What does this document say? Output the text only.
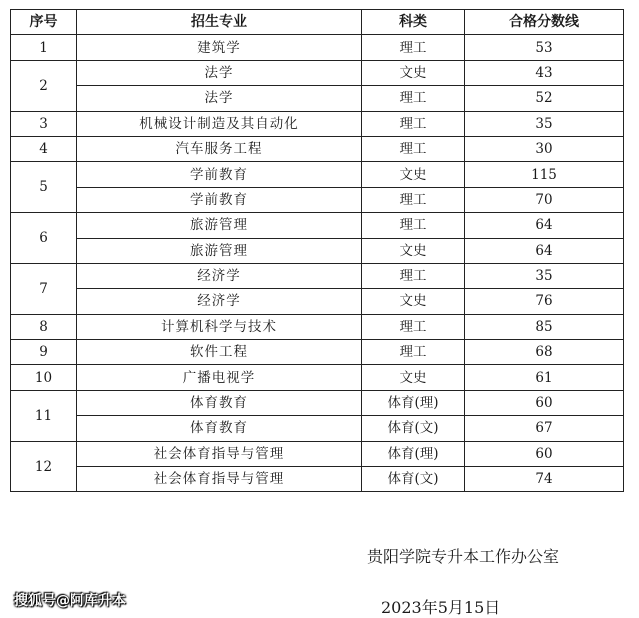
序号	招生专业	科类	合格分数线
1	建筑学	理工	53
2	法学	文史	43
	法学	理工	52
3	机械设计制造及其自动化	理工	35
4	汽车服务工程	理工	30
5	学前教育	文史	115
	学前教育	理工	70
6	旅游管理	理工	64
	旅游管理	文史	64
7	经济学	理工	35
	经济学	文史	76
8	计算机科学与技术	理工	85
9	软件工程	理工	68
10	广播电视学	文史	61
11	体育教育	体育(理)	60
	体育教育	体育(文)	67
12	社会体育指导与管理	体育(理)	60
	社会体育指导与管理	体育(文)	74
贵阳学院专升本工作办公室
2023年5月15日
搜狐号@阿库升本
